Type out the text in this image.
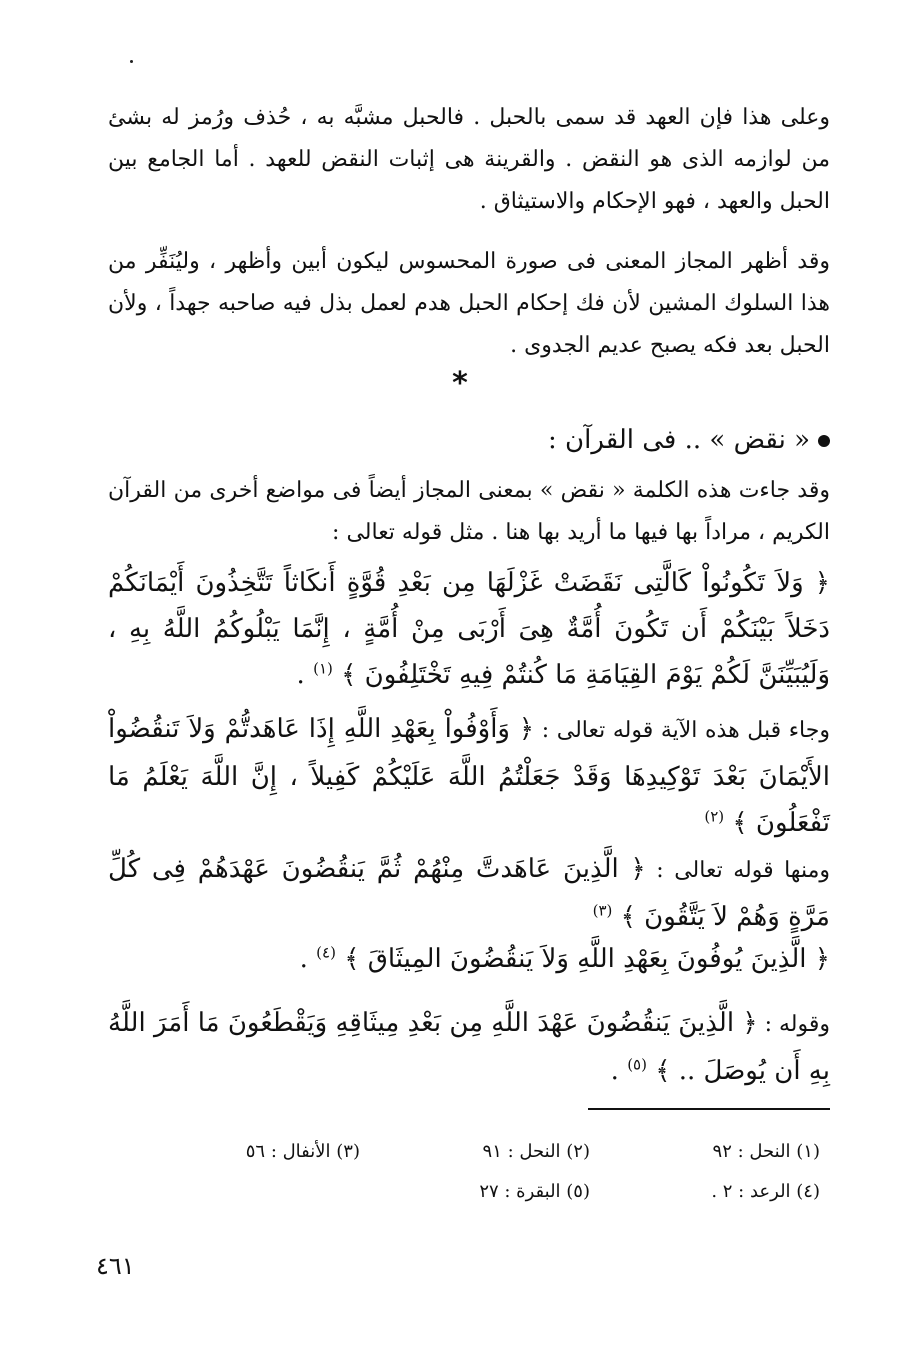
وعلى هذا فإن العهد قد سمى بالحبل . فالحبل مشبَّه به ، حُذف ورُمز له بشئ من لوازمه الذى هو النقض . والقرينة هى إثبات النقض للعهد . أما الجامع بين الحبل والعهد ، فهو الإحكام والاستيثاق .

وقد أظهر المجاز المعنى فى صورة المحسوس ليكون أبين وأظهر ، وليُنَفِّر من هذا السلوك المشين لأن فك إحكام الحبل هدم لعمل بذل فيه صاحبه جهداً ، ولأن الحبل بعد فكه يصبح عديم الجدوى .

*

« نقض » .. فى القرآن :

وقد جاءت هذه الكلمة « نقض » بمعنى المجاز أيضاً فى مواضع أخرى من القرآن الكريم ، مراداً بها فيها ما أريد بها هنا . مثل قوله تعالى :

﴿ وَلاَ تَكُونُواْ كَالَّتِى نَقَضَتْ غَزْلَهَا مِن بَعْدِ قُوَّةٍ أَنكَاثاً تَتَّخِذُونَ أَيْمَانَكُمْ دَخَلاً بَيْنَكُمْ أَن تَكُونَ أُمَّةٌ هِىَ أَرْبَى مِنْ أُمَّةٍ ، إِنَّمَا يَبْلُوكُمُ اللَّهُ بِهِ ، وَلَيُبَيِّنَنَّ لَكُمْ يَوْمَ القِيَامَةِ مَا كُنتُمْ فِيهِ تَخْتَلِفُونَ ﴾ $^{(١)}$ .

وجاء قبل هذه الآية قوله تعالى : ﴿ وَأَوْفُواْ بِعَهْدِ اللَّهِ إِذَا عَاهَدتُّمْ وَلاَ تَنقُضُواْ الأَيْمَانَ بَعْدَ تَوْكِيدِهَا وَقَدْ جَعَلْتُمُ اللَّهَ عَلَيْكُمْ كَفِيلاً ، إِنَّ اللَّهَ يَعْلَمُ مَا تَفْعَلُونَ ﴾ $^{(٢)}$

ومنها قوله تعالى : ﴿ الَّذِينَ عَاهَدتَّ مِنْهُمْ ثُمَّ يَنقُضُونَ عَهْدَهُمْ فِى كُلِّ مَرَّةٍ وَهُمْ لاَ يَتَّقُونَ ﴾ $^{(٣)}$

﴿ الَّذِينَ يُوفُونَ بِعَهْدِ اللَّهِ وَلاَ يَنقُضُونَ المِيثَاقَ ﴾ $^{(٤)}$ .

وقوله : ﴿ الَّذِينَ يَنقُضُونَ عَهْدَ اللَّهِ مِن بَعْدِ مِيثَاقِهِ وَيَقْطَعُونَ مَا أَمَرَ اللَّهُ بِهِ أَن يُوصَلَ .. ﴾ $^{(٥)}$ .

(١) النحل : ٩٢
(٢) النحل : ٩١
(٣) الأنفال : ٥٦
(٤) الرعد : ٢ .
(٥) البقرة : ٢٧
٤٦١
